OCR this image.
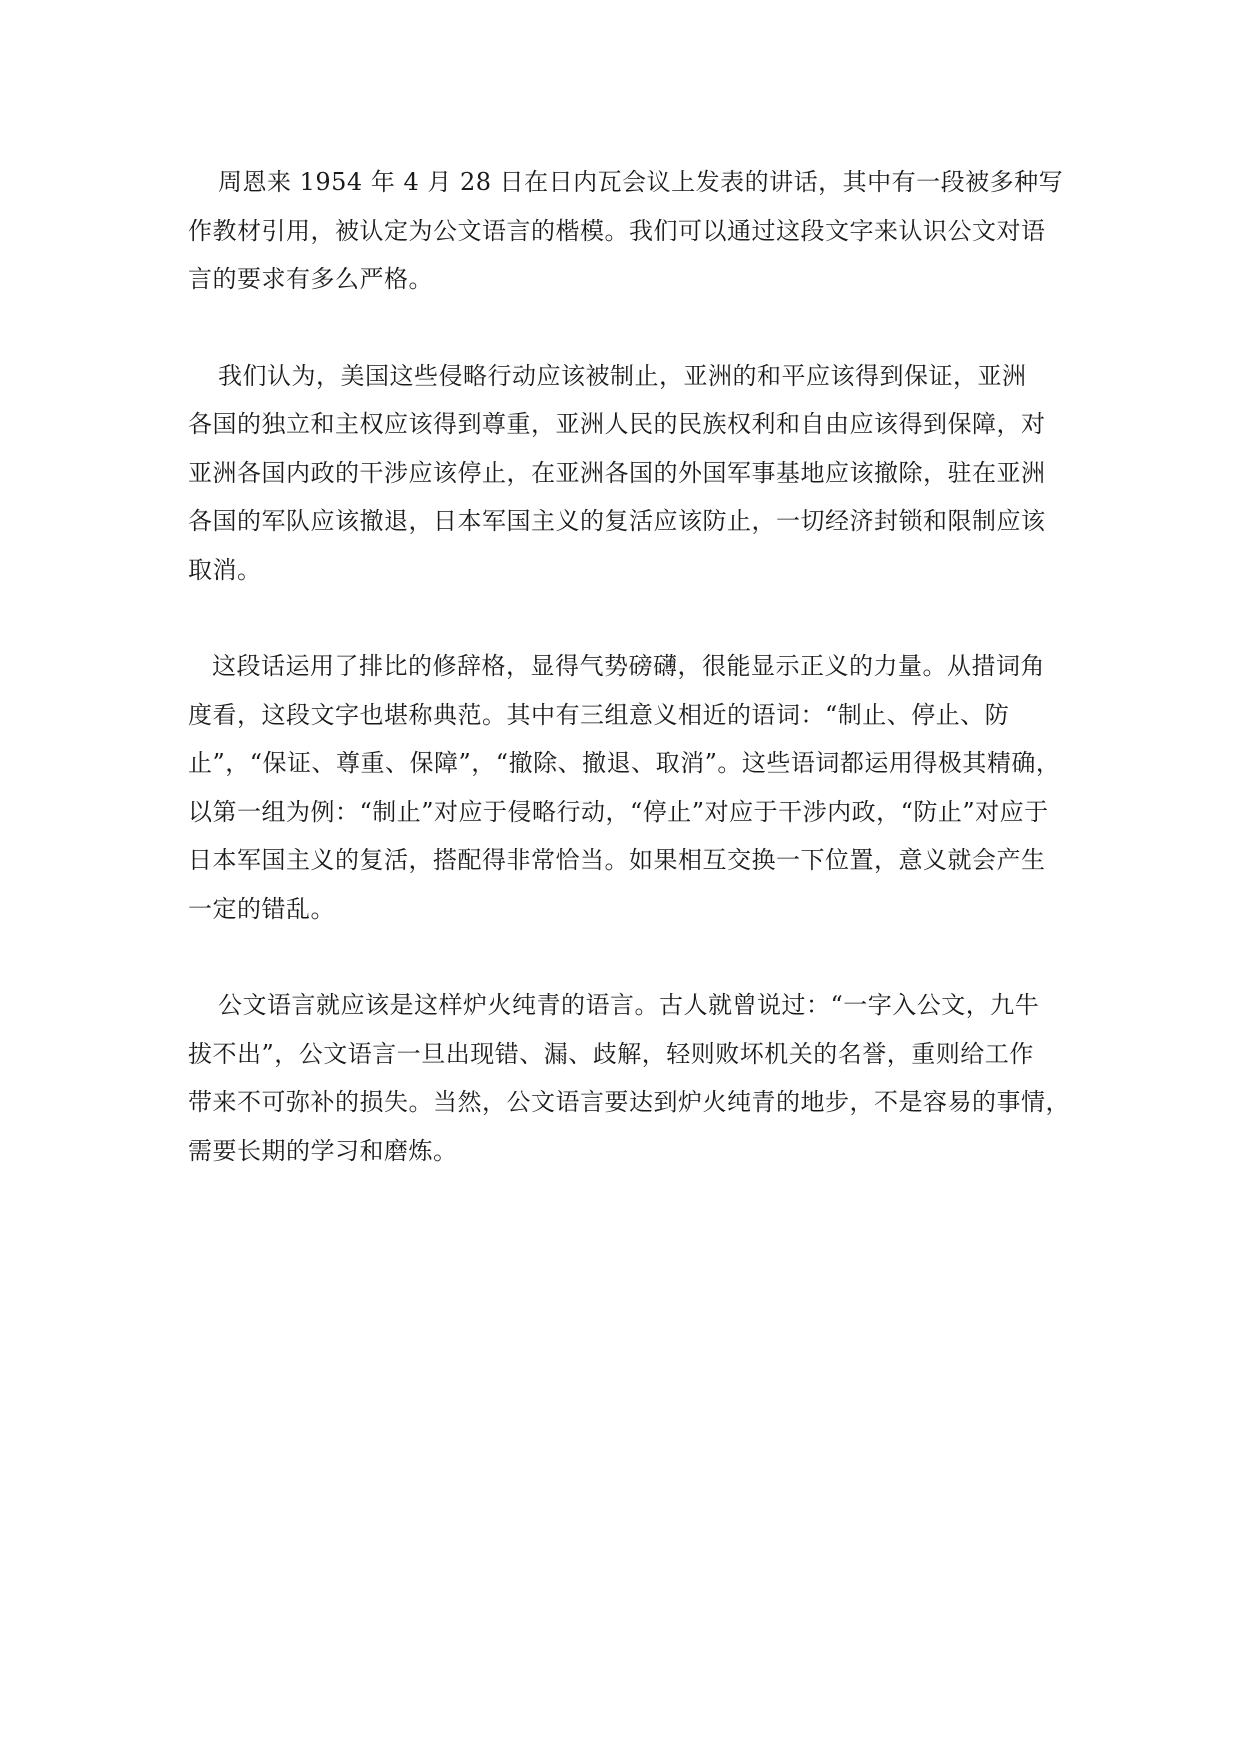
周恩来 1954 年 4 月 28 日在日内瓦会议上发表的讲话，其中有一段被多种写
作教材引用，被认定为公文语言的楷模。我们可以通过这段文字来认识公文对语
言的要求有多么严格。

我们认为，美国这些侵略行动应该被制止，亚洲的和平应该得到保证，亚洲
各国的独立和主权应该得到尊重，亚洲人民的民族权利和自由应该得到保障，对
亚洲各国内政的干涉应该停止，在亚洲各国的外国军事基地应该撤除，驻在亚洲
各国的军队应该撤退，日本军国主义的复活应该防止，一切经济封锁和限制应该
取消。

这段话运用了排比的修辞格，显得气势磅礴，很能显示正义的力量。从措词角
度看，这段文字也堪称典范。其中有三组意义相近的语词：“制止、停止、防
止”，“保证、尊重、保障”，“撤除、撤退、取消”。这些语词都运用得极其精确，
以第一组为例：“制止”对应于侵略行动，“停止”对应于干涉内政，“防止”对应于
日本军国主义的复活，搭配得非常恰当。如果相互交换一下位置，意义就会产生
一定的错乱。

公文语言就应该是这样炉火纯青的语言。古人就曾说过：“一字入公文，九牛
拔不出”，公文语言一旦出现错、漏、歧解，轻则败坏机关的名誉，重则给工作
带来不可弥补的损失。当然，公文语言要达到炉火纯青的地步，不是容易的事情，
需要长期的学习和磨炼。
